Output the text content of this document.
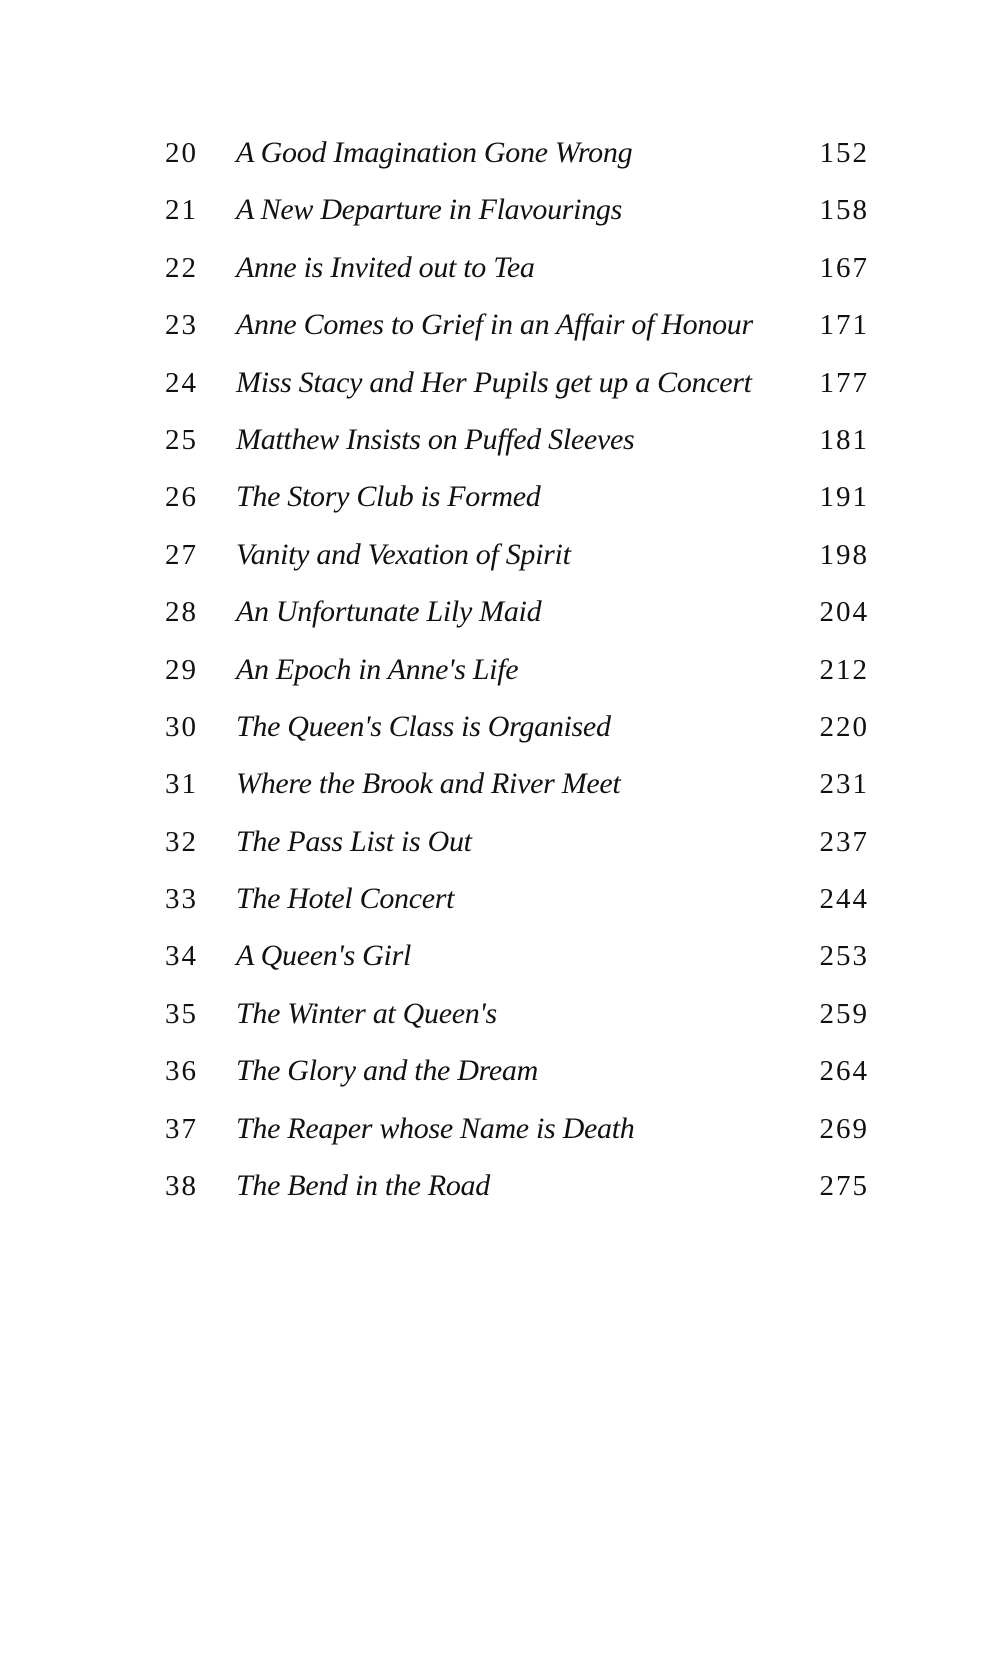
20 A Good Imagination Gone Wrong	152
21 A New Departure in Flavourings	158
22 Anne is Invited out to Tea	167
23 Anne Comes to Grief in an Affair of Honour 171
24 Miss Stacy and Her Pupils get up a Concert 177
25 Matthew Insists on Puffed Sleeves	181
26 The Story Club is Formed	191
27 Vanity and Vexation of Spirit	198
28 An Unfortunate Lily Maid	204
29 An Epoch in Anne's Life	212
30 The Queen's Class is Organised	220
31 Where the Brook and River Meet	231
32 The Pass List is Out	237
33 The Hotel Concert	244
34 A Queen's Girl	253
35 The Winter at Queen's	259
36 The Glory and the Dream	264
37 The Reaper whose Name is Death	269
38 The Bend in the Road	275
